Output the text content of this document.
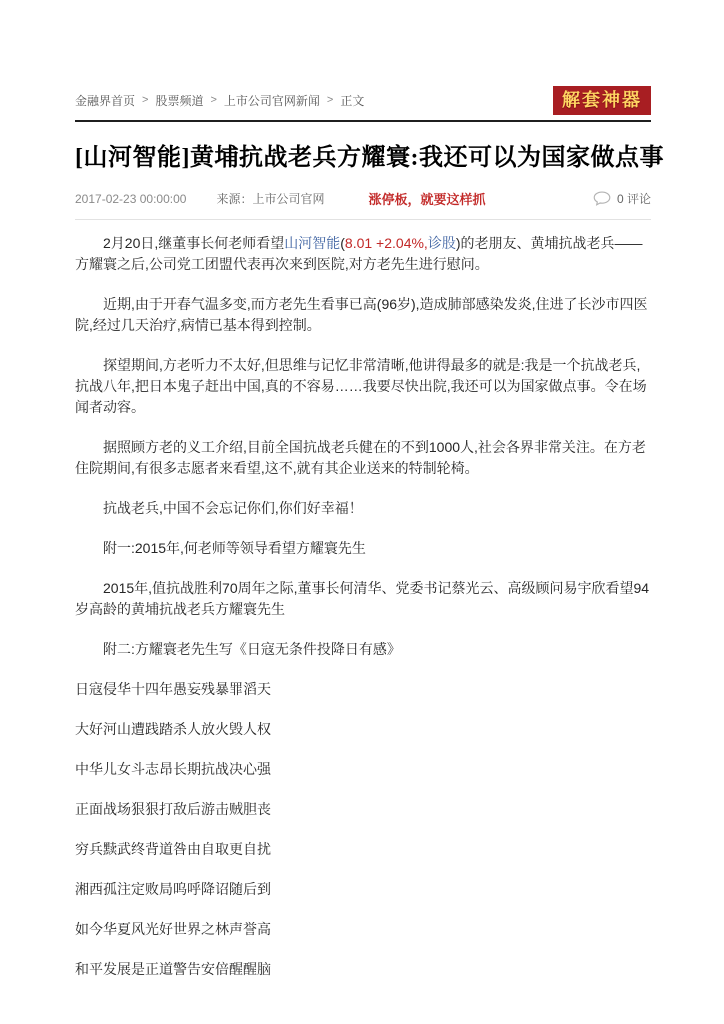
金融界首页 > 股票频道 > 上市公司官网新闻 > 正文	解套神器
[山河智能]黄埔抗战老兵方耀寰:我还可以为国家做点事
2017-02-23 00:00:00	来源：上市公司官网	涨停板，就要这样抓	0 评论

2月20日,继董事长何老师看望山河智能(8.01 +2.04%,诊股)的老朋友、黄埔抗战老兵——方耀寰之后,公司党工团盟代表再次来到医院,对方老先生进行慰问。

近期,由于开春气温多变,而方老先生看事已高(96岁),造成肺部感染发炎,住进了长沙市四医院,经过几天治疗,病情已基本得到控制。

探望期间,方老听力不太好,但思维与记忆非常清晰,他讲得最多的就是:我是一个抗战老兵,抗战八年,把日本鬼子赶出中国,真的不容易……我要尽快出院,我还可以为国家做点事。令在场闻者动容。

据照顾方老的义工介绍,目前全国抗战老兵健在的不到1000人,社会各界非常关注。在方老住院期间,有很多志愿者来看望,这不,就有其企业送来的特制轮椅。

抗战老兵,中国不会忘记你们,你们好幸福！

附一:2015年,何老师等领导看望方耀寰先生

2015年,值抗战胜利70周年之际,董事长何清华、党委书记蔡光云、高级顾问易宇欣看望94岁高龄的黄埔抗战老兵方耀寰先生

附二:方耀寰老先生写《日寇无条件投降日有感》

日寇侵华十四年愚妄残暴罪滔天

大好河山遭践踏杀人放火毁人权

中华儿女斗志昂长期抗战决心强

正面战场狠狠打敌后游击贼胆丧

穷兵黩武终背道咎由自取更自扰

湘西孤注定败局呜呼降诏随后到

如今华夏风光好世界之林声誉高

和平发展是正道警告安倍醒醒脑
